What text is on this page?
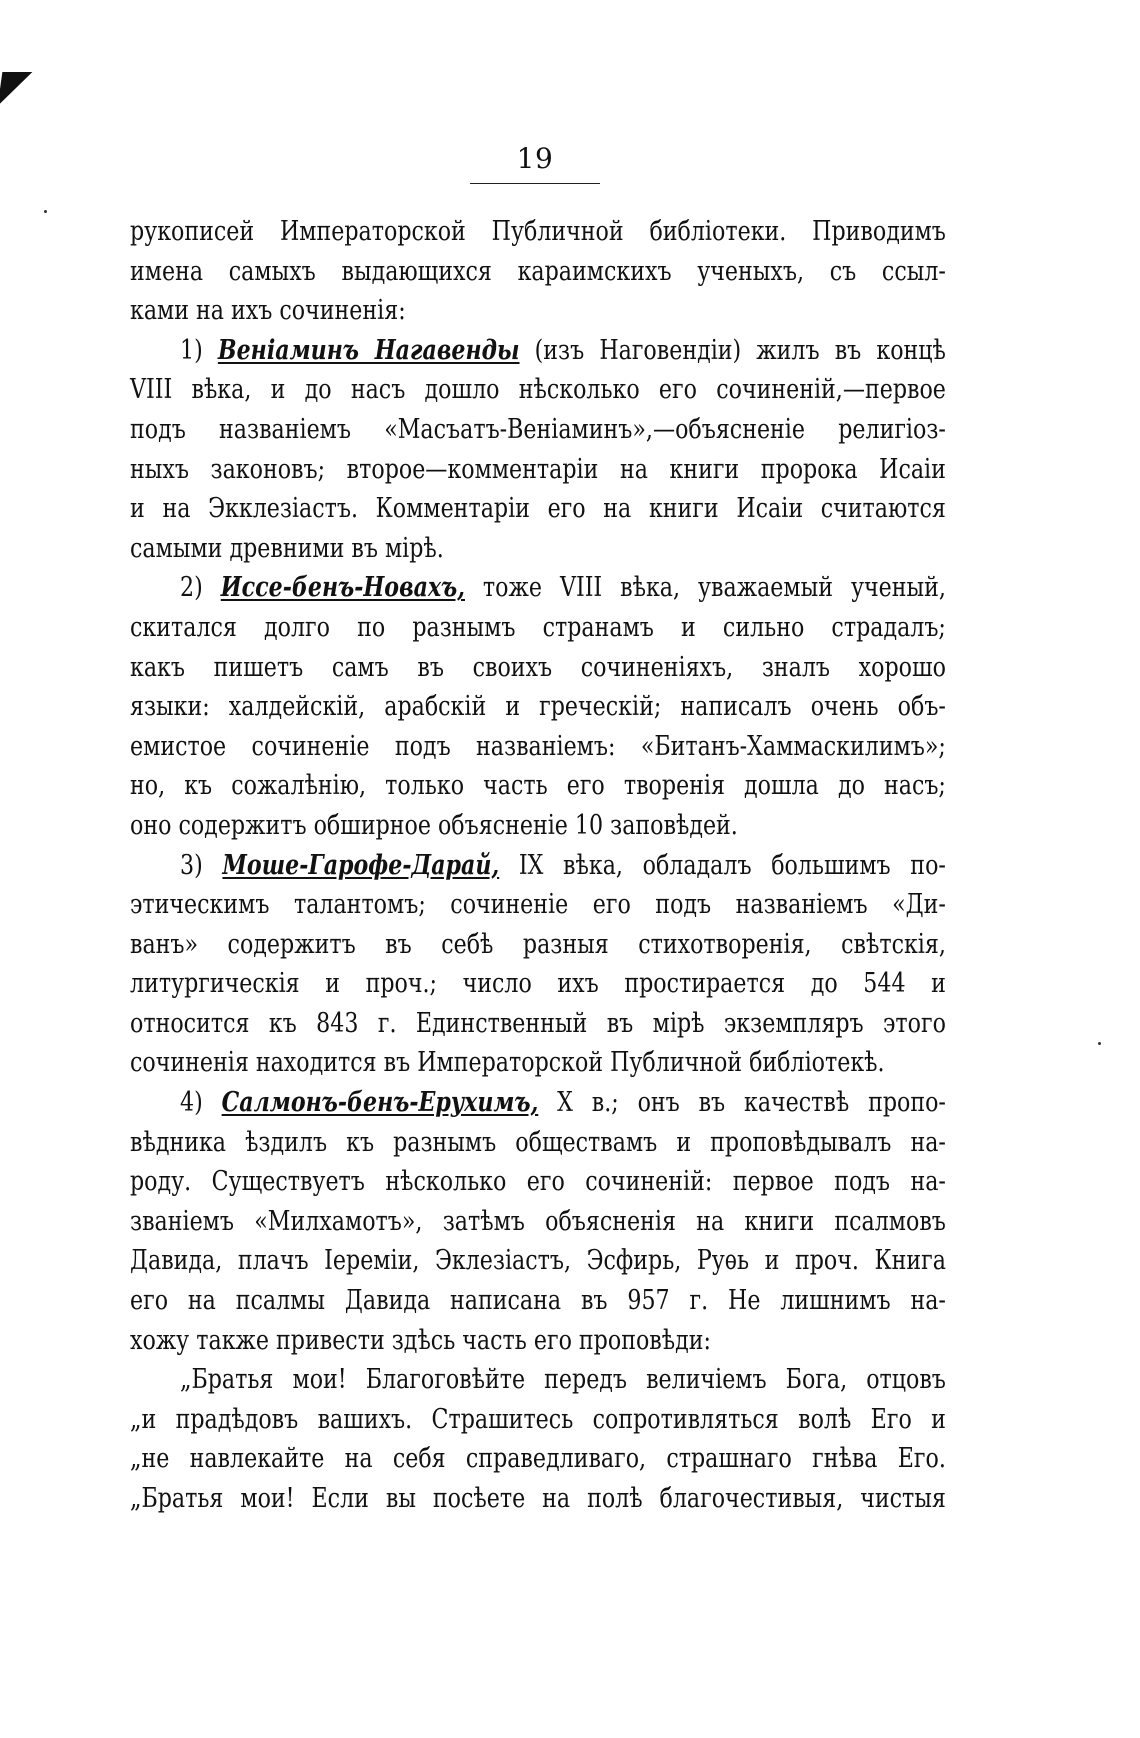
19
рукописей Императорской Публичной библіотеки. Приводимъ
имена самыхъ выдающихся караимскихъ ученыхъ, съ ссыл-
ками на ихъ сочиненія:
1) Веніаминъ Нагавенды (изъ Наговендіи) жилъ въ концѣ
VIII вѣка, и до насъ дошло нѣсколько его сочиненій,—первое
подъ названіемъ «Масъатъ-Веніаминъ»,—объясненіе религіоз-
ныхъ законовъ; второе—комментаріи на книги пророка Исаіи
и на Экклезіастъ. Комментаріи его на книги Исаіи считаются
самыми древними въ мірѣ.
2) Иссе-бенъ-Новахъ, тоже VIII вѣка, уважаемый ученый,
скитался долго по разнымъ странамъ и сильно страдалъ;
какъ пишетъ самъ въ своихъ сочиненіяхъ, зналъ хорошо
языки: халдейскій, арабскій и греческій; написалъ очень объ-
емистое сочиненіе подъ названіемъ: «Битанъ-Хаммаскилимъ»;
но, къ сожалѣнію, только часть его творенія дошла до насъ;
оно содержитъ обширное объясненіе 10 заповѣдей.
3) Моше-Гарофе-Дарай, IX вѣка, обладалъ большимъ по-
этическимъ талантомъ; сочиненіе его подъ названіемъ «Ди-
ванъ» содержитъ въ себѣ разныя стихотворенія, свѣтскія,
литургическія и проч.; число ихъ простирается до 544 и
относится къ 843 г. Единственный въ мірѣ экземпляръ этого
сочиненія находится въ Императорской Публичной библіотекѣ.
4) Салмонъ-бенъ-Ерухимъ, X в.; онъ въ качествѣ пропо-
вѣдника ѣздилъ къ разнымъ обществамъ и проповѣдывалъ на-
роду. Существуетъ нѣсколько его сочиненій: первое подъ на-
званіемъ «Милхамотъ», затѣмъ объясненія на книги псалмовъ
Давида, плачъ Іереміи, Эклезіастъ, Эсфирь, Руѳь и проч. Книга
его на псалмы Давида написана въ 957 г. Не лишнимъ на-
хожу также привести здѣсь часть его проповѣди:
„Братья мои! Благоговѣйте передъ величіемъ Бога, отцовъ
„и прадѣдовъ вашихъ. Страшитесь сопротивляться волѣ Его и
„не навлекайте на себя справедливаго, страшнаго гнѣва Его.
„Братья мои! Если вы посѣете на полѣ благочестивыя, чистыя
